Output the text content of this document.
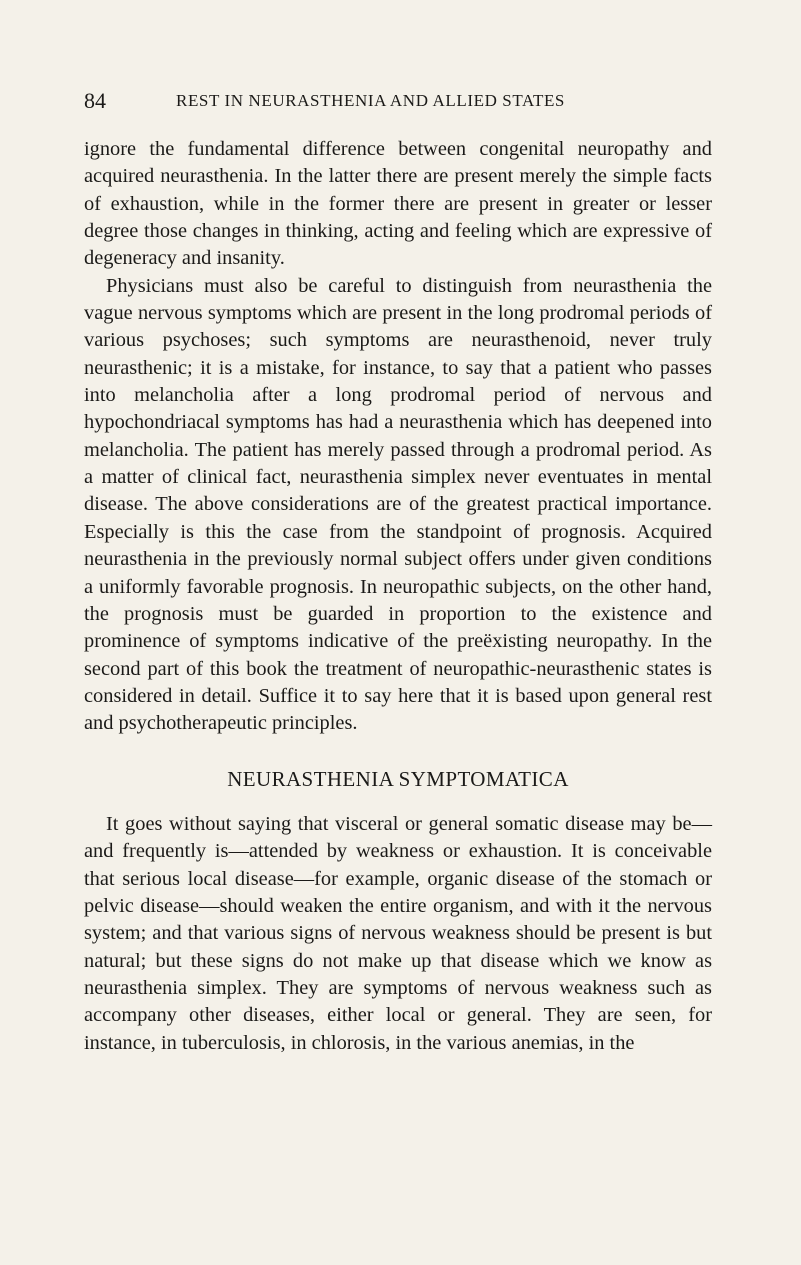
84	REST IN NEURASTHENIA AND ALLIED STATES

ignore the fundamental difference between congenital neuropathy and acquired neurasthenia. In the latter there are present merely the simple facts of exhaustion, while in the former there are present in greater or lesser degree those changes in thinking, acting and feeling which are expressive of degeneracy and insanity.

Physicians must also be careful to distinguish from neurasthenia the vague nervous symptoms which are present in the long prodromal periods of various psychoses; such symptoms are neurasthenoid, never truly neurasthenic; it is a mistake, for instance, to say that a patient who passes into melancholia after a long prodromal period of nervous and hypochondriacal symptoms has had a neurasthenia which has deepened into melancholia. The patient has merely passed through a prodromal period. As a matter of clinical fact, neurasthenia simplex never eventuates in mental disease. The above considerations are of the greatest practical importance. Especially is this the case from the standpoint of prognosis. Acquired neurasthenia in the previously normal subject offers under given conditions a uniformly favorable prognosis. In neuropathic subjects, on the other hand, the prognosis must be guarded in proportion to the existence and prominence of symptoms indicative of the preëxisting neuropathy. In the second part of this book the treatment of neuropathic-neurasthenic states is considered in detail. Suffice it to say here that it is based upon general rest and psychotherapeutic principles.

NEURASTHENIA SYMPTOMATICA

It goes without saying that visceral or general somatic disease may be—and frequently is—attended by weakness or exhaustion. It is conceivable that serious local disease—for example, organic disease of the stomach or pelvic disease—should weaken the entire organism, and with it the nervous system; and that various signs of nervous weakness should be present is but natural; but these signs do not make up that disease which we know as neurasthenia simplex. They are symptoms of nervous weakness such as accompany other diseases, either local or general. They are seen, for instance, in tuberculosis, in chlorosis, in the various anemias, in the
